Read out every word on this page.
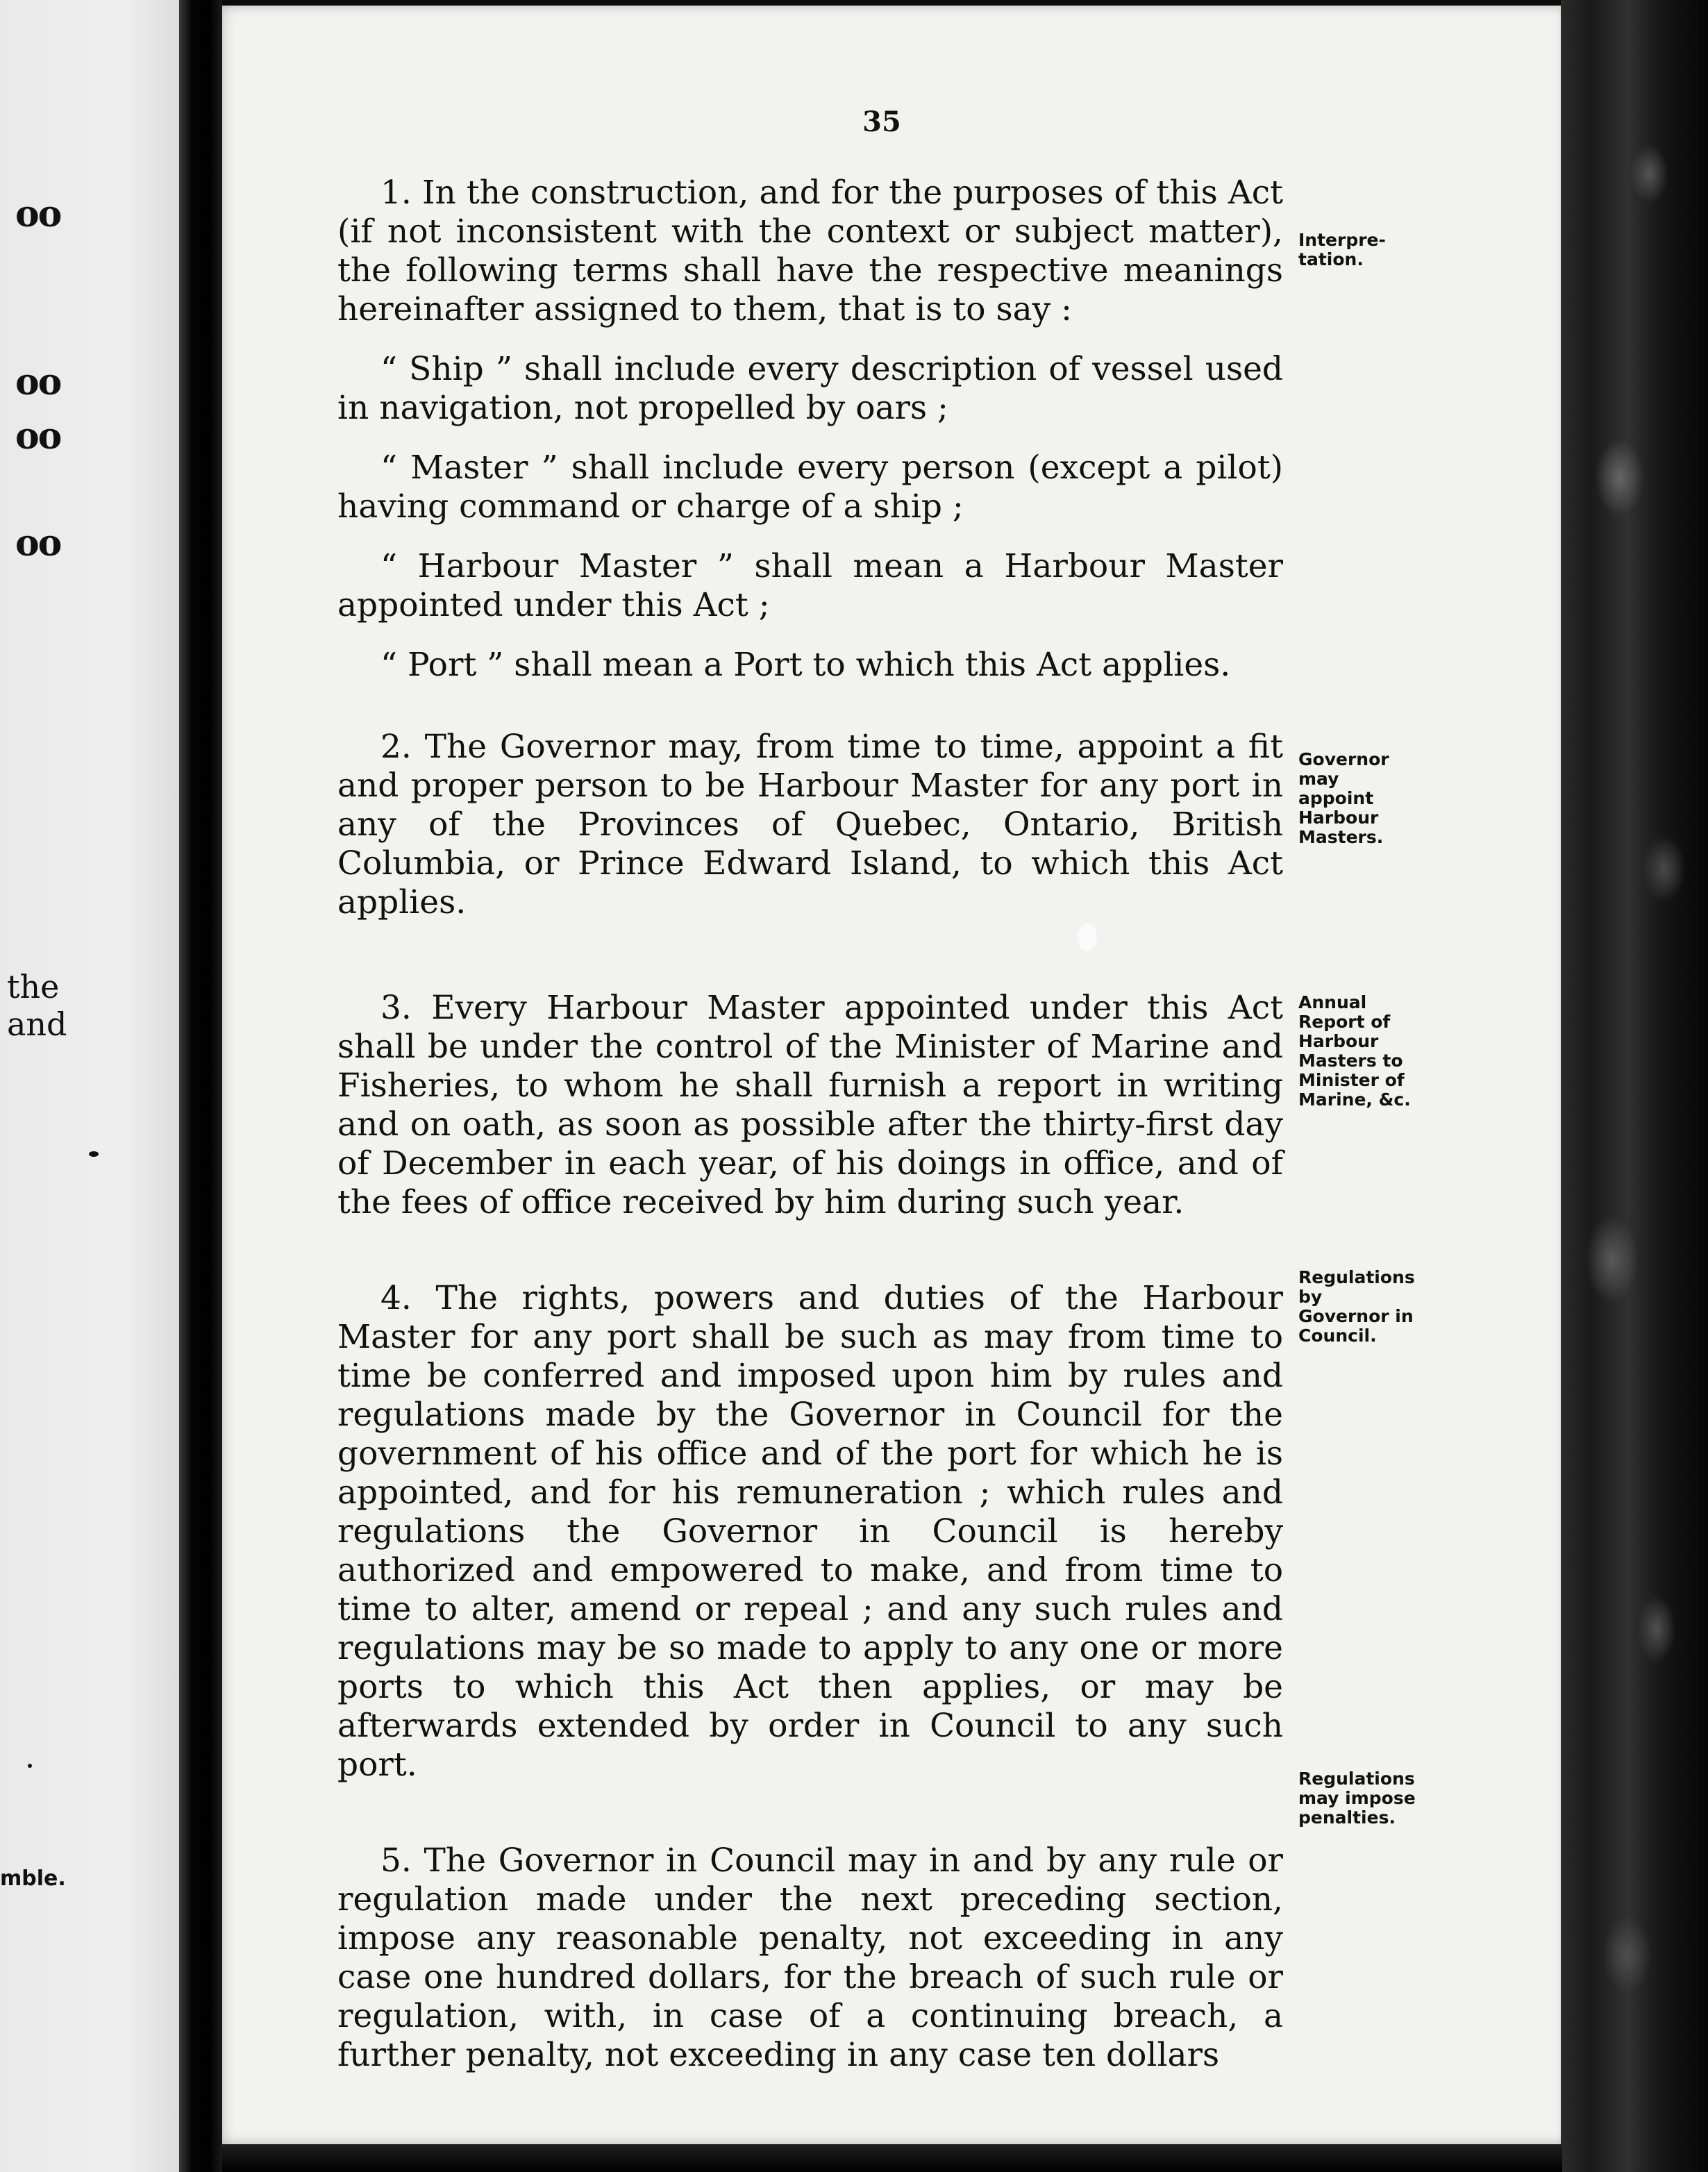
oo
oo
oo
oo
the
and
mble.
35

1. In the construction, and for the purposes of this Act (if not inconsistent with the context or subject matter), the following terms shall have the respective meanings hereinafter assigned to them, that is to say :

“ Ship ” shall include every description of vessel used in navigation, not propelled by oars ;

“ Master ” shall include every person (except a pilot) having command or charge of a ship ;

“ Harbour Master ” shall mean a Harbour Master appointed under this Act ;

“ Port ” shall mean a Port to which this Act applies.

2. The Governor may, from time to time, appoint a fit and proper person to be Harbour Master for any port in any of the Provinces of Quebec, Ontario, British Columbia, or Prince Edward Island, to which this Act applies.

3. Every Harbour Master appointed under this Act shall be under the control of the Minister of Marine and Fisheries, to whom he shall furnish a report in writing and on oath, as soon as possible after the thirty-first day of December in each year, of his doings in office, and of the fees of office received by him during such year.

4. The rights, powers and duties of the Harbour Master for any port shall be such as may from time to time be conferred and imposed upon him by rules and regulations made by the Governor in Council for the government of his office and of the port for which he is appointed, and for his remuneration ; which rules and regulations the Governor in Council is hereby authorized and empowered to make, and from time to time to alter, amend or repeal ; and any such rules and regulations may be so made to apply to any one or more ports to which this Act then applies, or may be afterwards extended by order in Council to any such port.

5. The Governor in Council may in and by any rule or regulation made under the next preceding section, impose any reasonable penalty, not exceeding in any case one hundred dollars, for the breach of such rule or regulation, with, in case of a continuing breach, a further penalty, not exceeding in any case ten dollars

Interpre-tation.
Governor may appoint Harbour Masters.
Annual Report of Harbour Masters to Minister of Marine, &c.
Regulations by Governor in Council.
Regulations may impose penalties.
